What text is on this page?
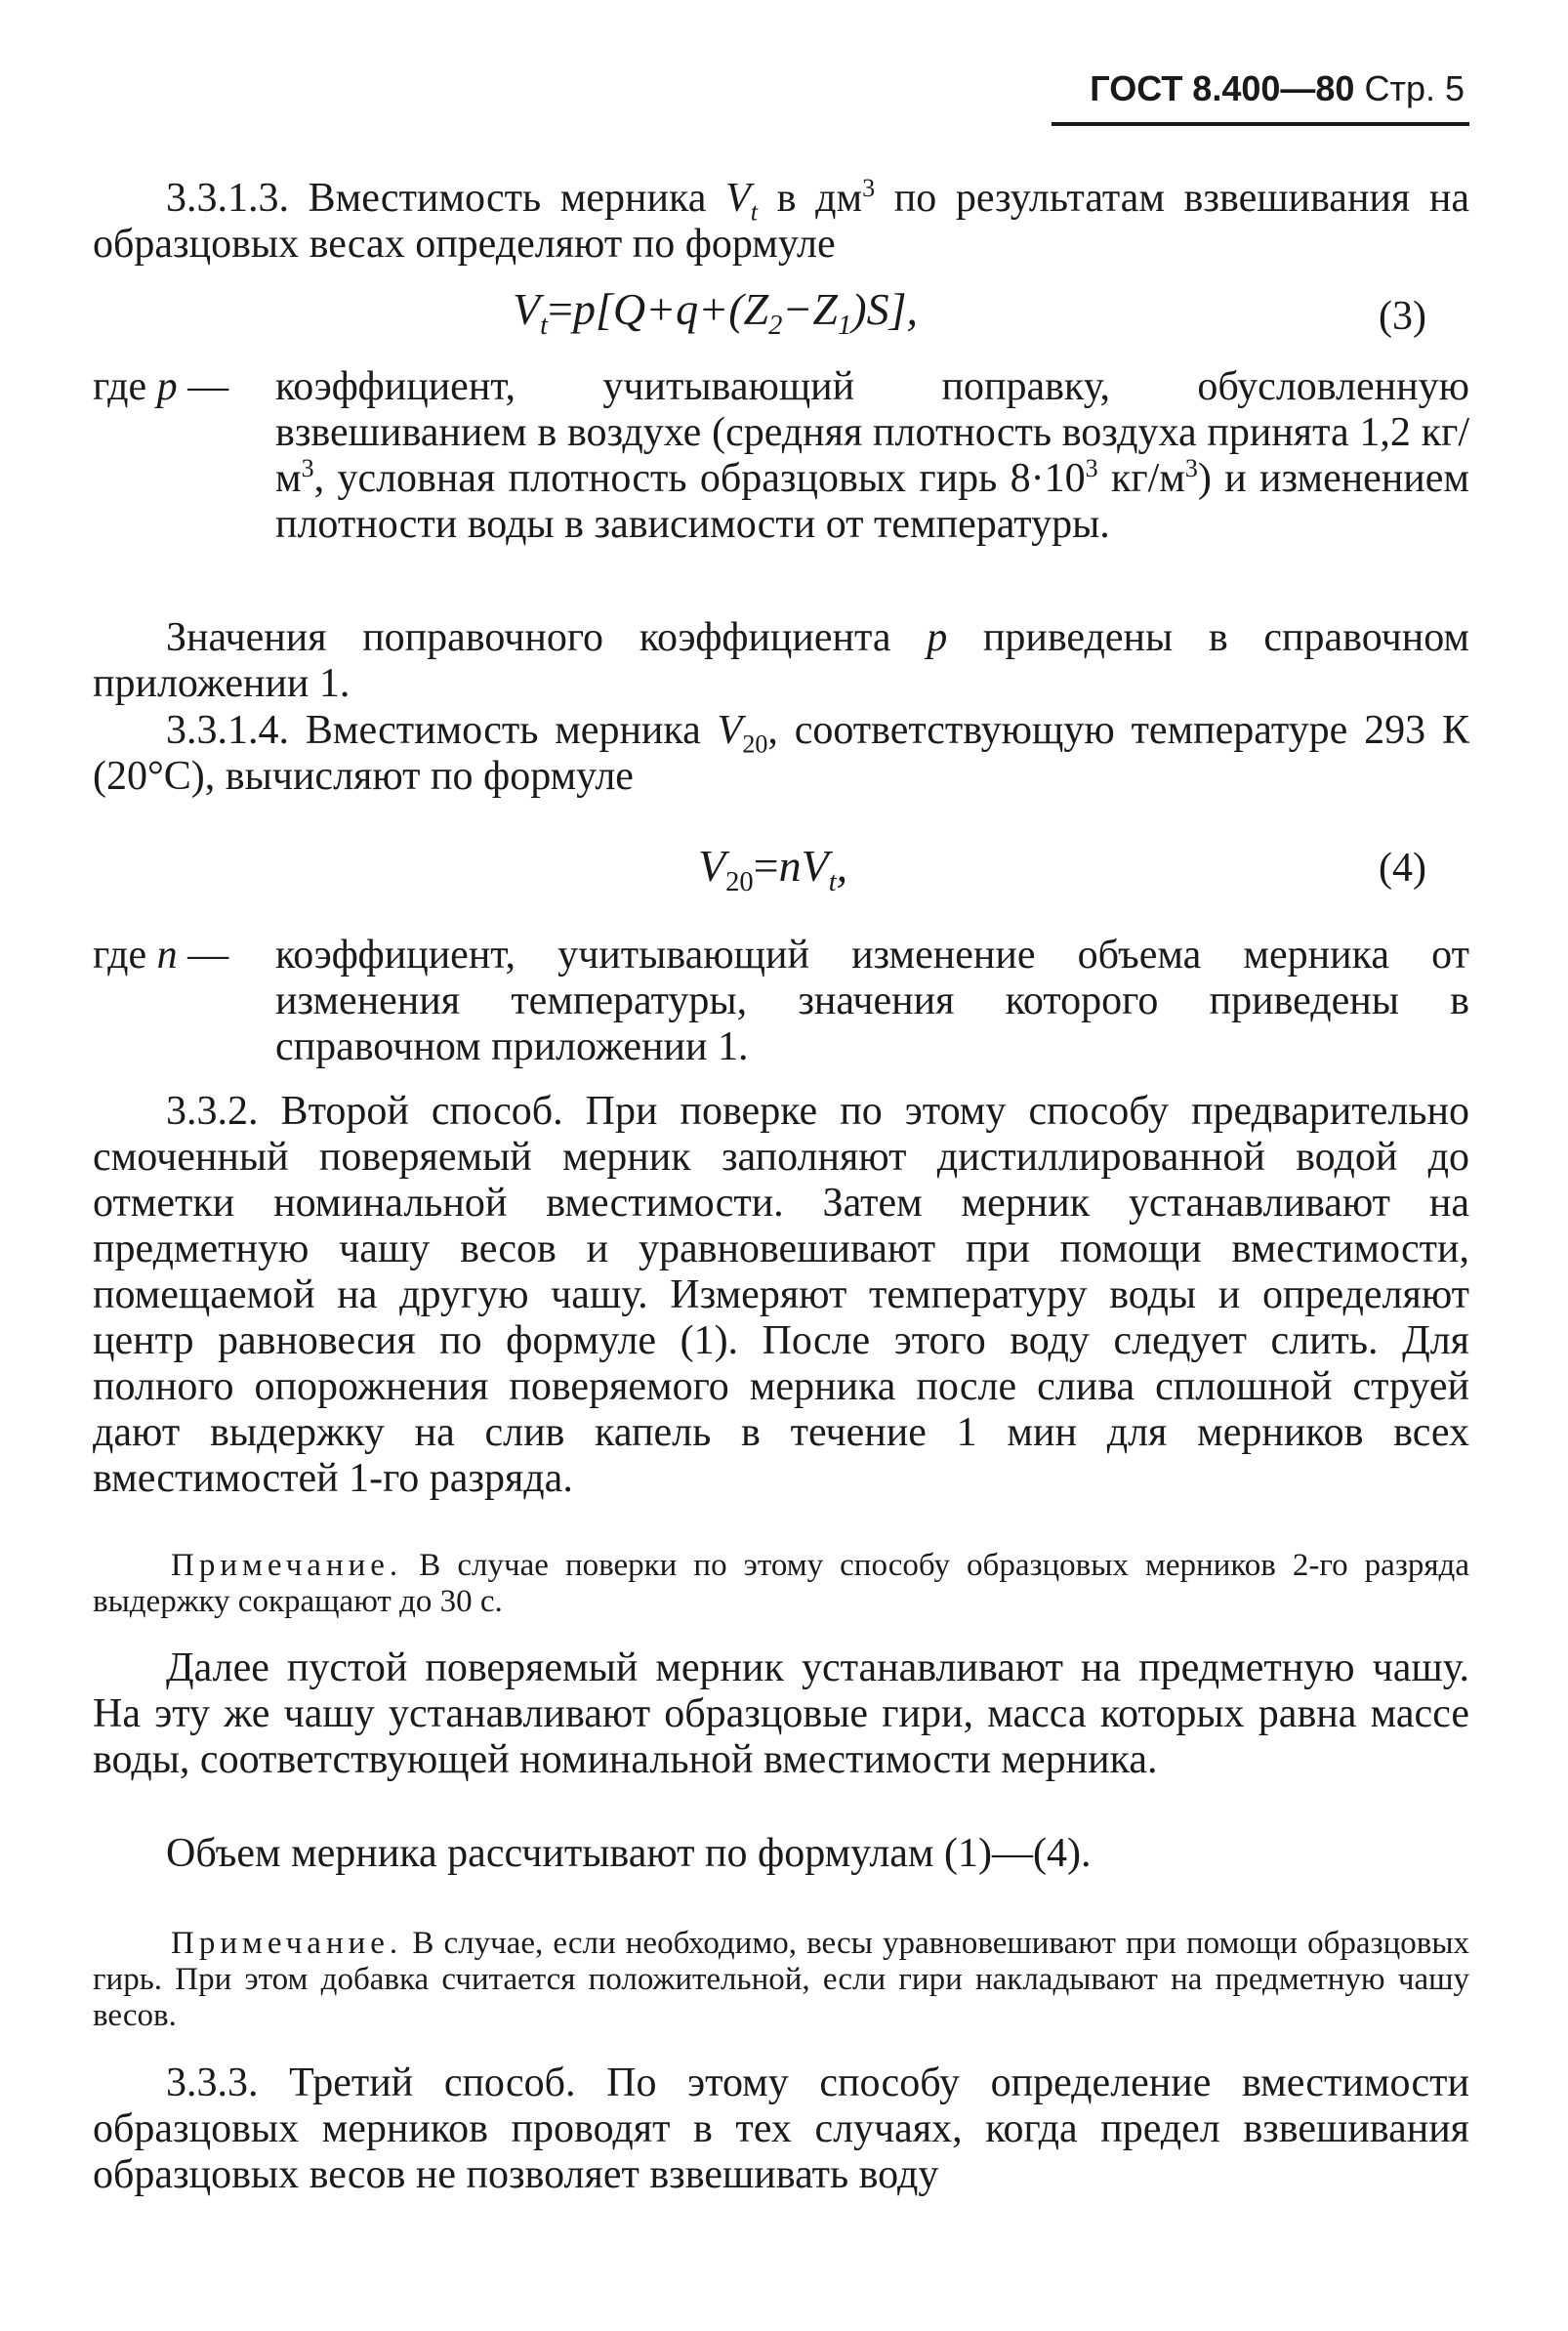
ГОСТ 8.400—80 Стр. 5
3.3.1.3. Вместимость мерника $V_t$ в $дм^3$ по результатам взвешивания на образцовых весах определяют по формуле
$V_t=p[Q+q+(Z_2-Z_1)S]$,	(3)
где p — коэффициент, учитывающий поправку, обусловленную взвешиванием в воздухе (средняя плотность воздуха принята 1,2 $кг/м^3$, условная плотность образцовых гирь $8\cdot 10^3$ $кг/м^3$) и изменением плотности воды в зависимости от температуры.
Значения поправочного коэффициента p приведены в справочном приложении 1.
3.3.1.4. Вместимость мерника $V_{20}$, соответствующую температуре 293 К (20°С), вычисляют по формуле
$V_{20}=nV_t$,	(4)
где n — коэффициент, учитывающий изменение объема мерника от изменения температуры, значения которого приведены в справочном приложении 1.
3.3.2. Второй способ. При поверке по этому способу предварительно смоченный поверяемый мерник заполняют дистиллированной водой до отметки номинальной вместимости. Затем мерник устанавливают на предметную чашу весов и уравновешивают при помощи вместимости, помещаемой на другую чашу. Измеряют температуру воды и определяют центр равновесия по формуле (1). После этого воду следует слить. Для полного опорожнения поверяемого мерника после слива сплошной струей дают выдержку на слив капель в течение 1 мин для мерников всех вместимостей 1-го разряда.
Примечание. В случае поверки по этому способу образцовых мерников 2-го разряда выдержку сокращают до 30 с.
Далее пустой поверяемый мерник устанавливают на предметную чашу. На эту же чашу устанавливают образцовые гири, масса которых равна массе воды, соответствующей номинальной вместимости мерника.
Объем мерника рассчитывают по формулам (1)—(4).
Примечание. В случае, если необходимо, весы уравновешивают при помощи образцовых гирь. При этом добавка считается положительной, если гири накладывают на предметную чашу весов.
3.3.3. Третий способ. По этому способу определение вместимости образцовых мерников проводят в тех случаях, когда предел взвешивания образцовых весов не позволяет взвешивать воду
